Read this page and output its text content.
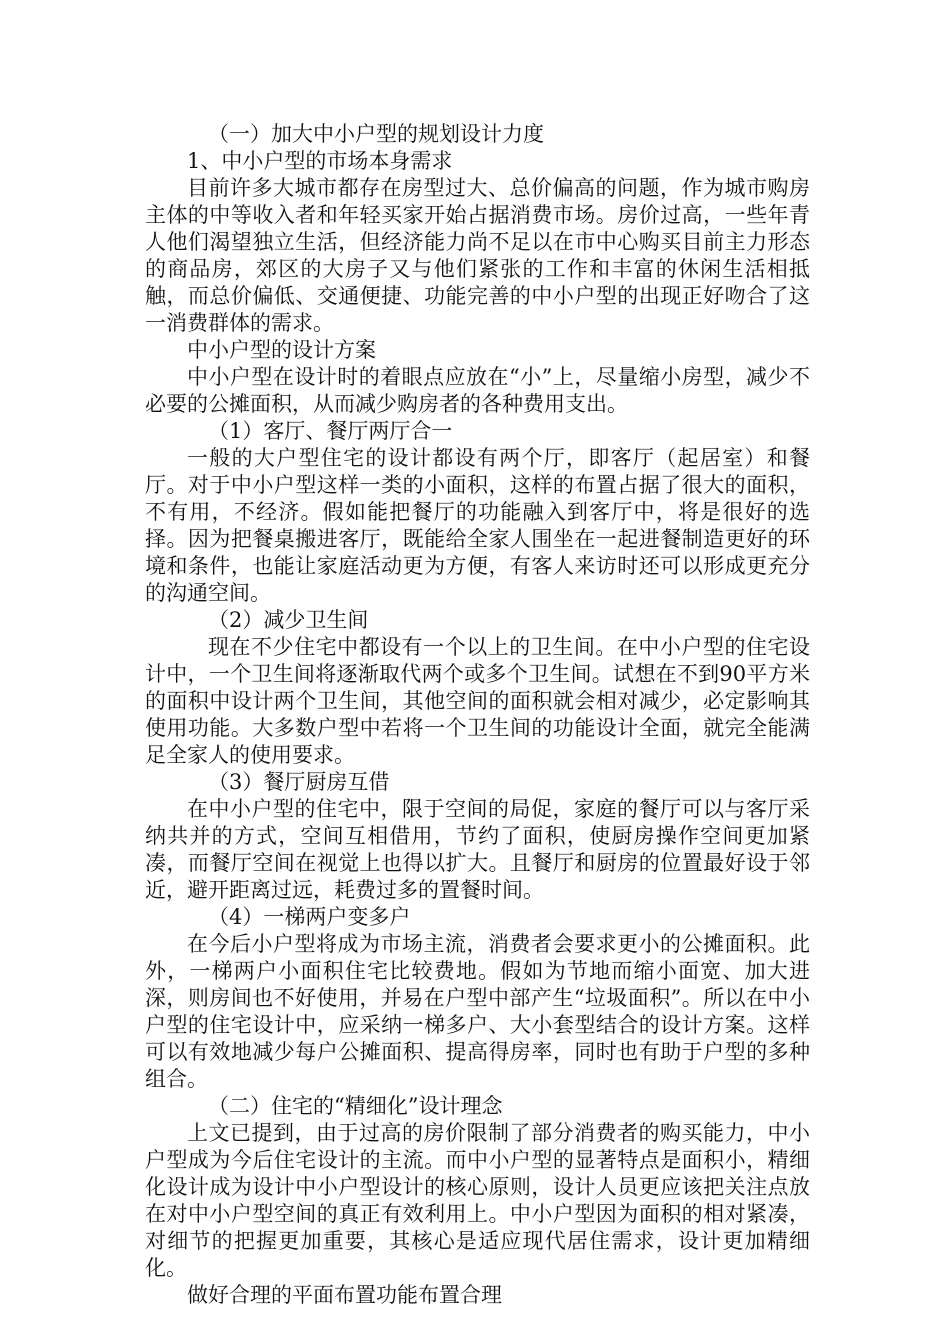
（一）加大中小户型的规划设计力度

1、中小户型的市场本身需求

目前许多大城市都存在房型过大、总价偏高的问题，作为城市购房主体的中等收入者和年轻买家开始占据消费市场。房价过高，一些年青人他们渴望独立生活，但经济能力尚不足以在市中心购买目前主力形态的商品房，郊区的大房子又与他们紧张的工作和丰富的休闲生活相抵触，而总价偏低、交通便捷、功能完善的中小户型的出现正好吻合了这一消费群体的需求。

中小户型的设计方案

中小户型在设计时的着眼点应放在“小”上，尽量缩小房型，减少不必要的公摊面积，从而减少购房者的各种费用支出。

（1）客厅、餐厅两厅合一

一般的大户型住宅的设计都设有两个厅，即客厅（起居室）和餐厅。对于中小户型这样一类的小面积，这样的布置占据了很大的面积，不有用，不经济。假如能把餐厅的功能融入到客厅中，将是很好的选择。因为把餐桌搬进客厅，既能给全家人围坐在一起进餐制造更好的环境和条件，也能让家庭活动更为方便，有客人来访时还可以形成更充分的沟通空间。

（2）减少卫生间

现在不少住宅中都设有一个以上的卫生间。在中小户型的住宅设计中，一个卫生间将逐渐取代两个或多个卫生间。试想在不到90平方米的面积中设计两个卫生间，其他空间的面积就会相对减少，必定影响其使用功能。大多数户型中若将一个卫生间的功能设计全面，就完全能满足全家人的使用要求。

（3）餐厅厨房互借

在中小户型的住宅中，限于空间的局促，家庭的餐厅可以与客厅采纳共并的方式，空间互相借用，节约了面积，使厨房操作空间更加紧凑，而餐厅空间在视觉上也得以扩大。且餐厅和厨房的位置最好设于邻近，避开距离过远，耗费过多的置餐时间。

（4）一梯两户变多户

在今后小户型将成为市场主流，消费者会要求更小的公摊面积。此外，一梯两户小面积住宅比较费地。假如为节地而缩小面宽、加大进深，则房间也不好使用，并易在户型中部产生“垃圾面积”。所以在中小户型的住宅设计中，应采纳一梯多户、大小套型结合的设计方案。这样可以有效地减少每户公摊面积、提高得房率，同时也有助于户型的多种组合。

（二）住宅的“精细化”设计理念

上文已提到，由于过高的房价限制了部分消费者的购买能力，中小户型成为今后住宅设计的主流。而中小户型的显著特点是面积小，精细化设计成为设计中小户型设计的核心原则，设计人员更应该把关注点放在对中小户型空间的真正有效利用上。中小户型因为面积的相对紧凑，对细节的把握更加重要，其核心是适应现代居住需求，设计更加精细化。

做好合理的平面布置功能布置合理
